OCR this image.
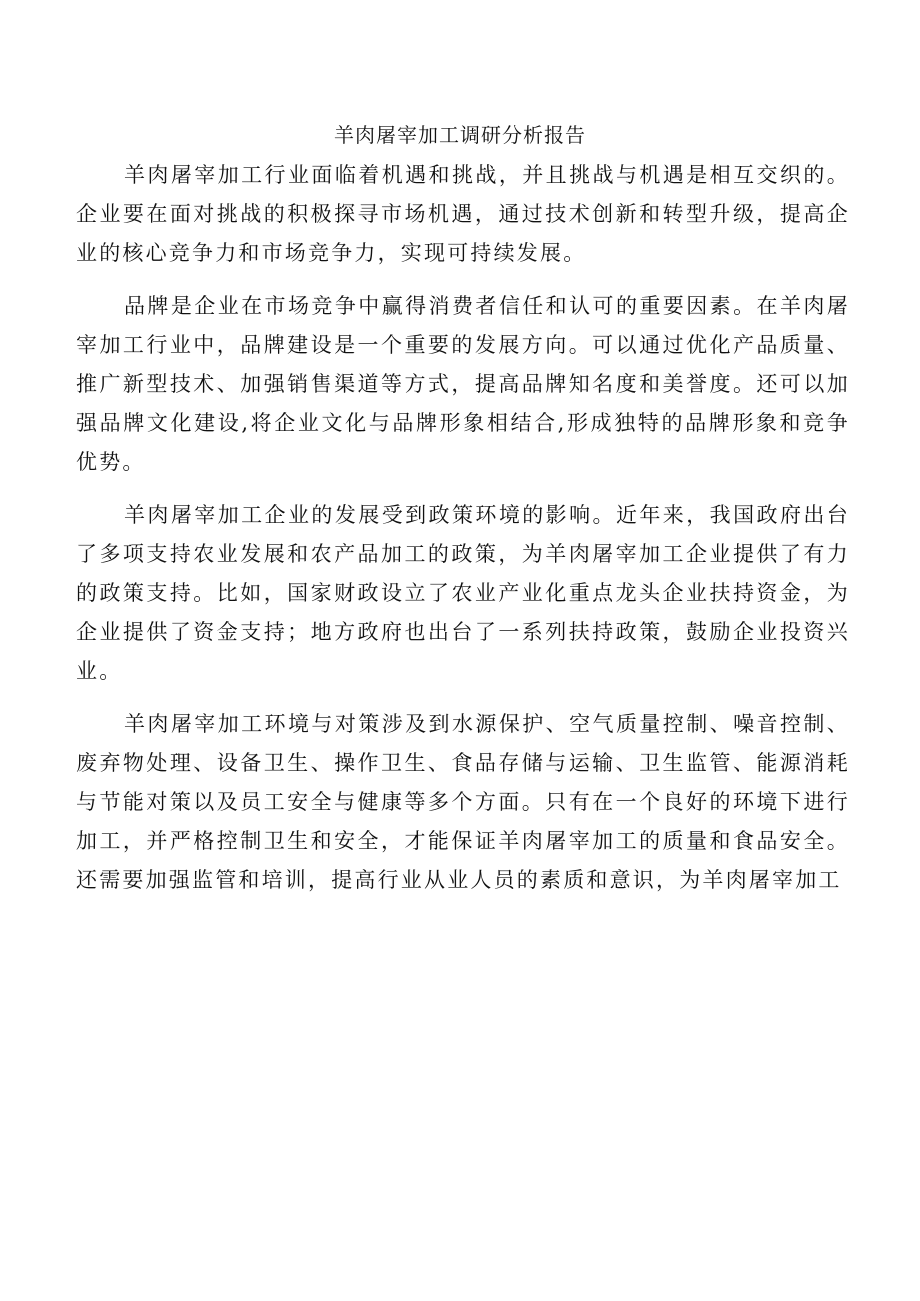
羊肉屠宰加工调研分析报告

羊肉屠宰加工行业面临着机遇和挑战，并且挑战与机遇是相互交织的。企业要在面对挑战的积极探寻市场机遇，通过技术创新和转型升级，提高企业的核心竞争力和市场竞争力，实现可持续发展。

品牌是企业在市场竞争中赢得消费者信任和认可的重要因素。在羊肉屠宰加工行业中，品牌建设是一个重要的发展方向。可以通过优化产品质量、推广新型技术、加强销售渠道等方式，提高品牌知名度和美誉度。还可以加强品牌文化建设,将企业文化与品牌形象相结合,形成独特的品牌形象和竞争优势。

羊肉屠宰加工企业的发展受到政策环境的影响。近年来，我国政府出台了多项支持农业发展和农产品加工的政策，为羊肉屠宰加工企业提供了有力的政策支持。比如，国家财政设立了农业产业化重点龙头企业扶持资金，为企业提供了资金支持；地方政府也出台了一系列扶持政策，鼓励企业投资兴业。

羊肉屠宰加工环境与对策涉及到水源保护、空气质量控制、噪音控制、废弃物处理、设备卫生、操作卫生、食品存储与运输、卫生监管、能源消耗与节能对策以及员工安全与健康等多个方面。只有在一个良好的环境下进行加工，并严格控制卫生和安全，才能保证羊肉屠宰加工的质量和食品安全。还需要加强监管和培训，提高行业从业人员的素质和意识，为羊肉屠宰加工
